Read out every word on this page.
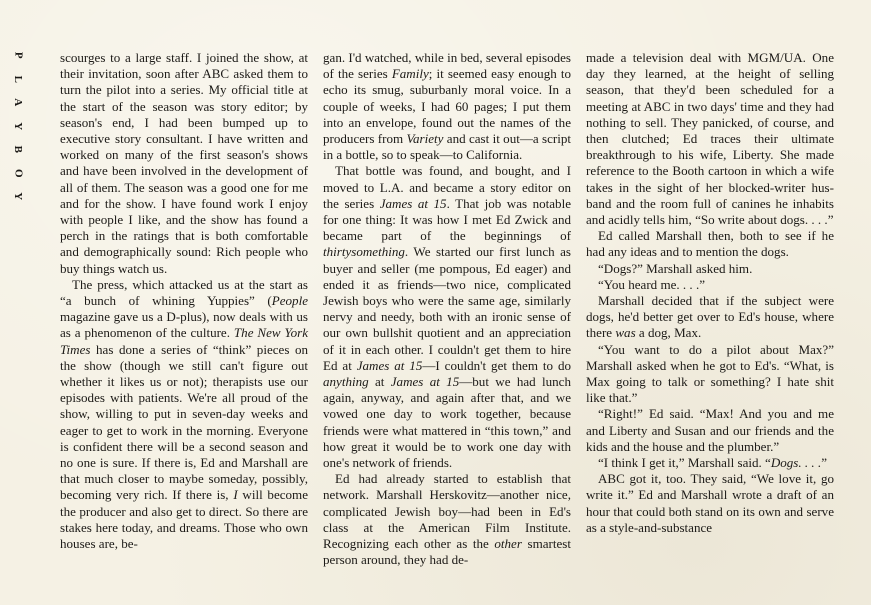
P
L
A
Y
B
O
Y

scourges to a large staff. I joined the show, at their invitation, soon after ABC asked them to turn the pilot into a series. My official title at the start of the season was story editor; by season's end, I had been bumped up to executive story consultant. I have written and worked on many of the first season's shows and have been involved in the development of all of them. The season was a good one for me and for the show. I have found work I enjoy with people I like, and the show has found a perch in the ratings that is both comfortable and demographically sound: Rich people who buy things watch us.

The press, which attacked us at the start as “a bunch of whining Yuppies” (People magazine gave us a D-plus), now deals with us as a phenomenon of the culture. The New York Times has done a series of “think” pieces on the show (though we still can't figure out whether it likes us or not); therapists use our episodes with patients. We're all proud of the show, willing to put in seven-day weeks and eager to get to work in the morning. Everyone is confident there will be a second season and no one is sure. If there is, Ed and Marshall are that much closer to maybe someday, possibly, becoming very rich. If there is, I will become the producer and also get to direct. So there are stakes here today, and dreams. Those who own houses are, be-

gan. I'd watched, while in bed, several episodes of the series Family; it seemed easy enough to echo its smug, suburbanly moral voice. In a couple of weeks, I had 60 pages; I put them into an envelope, found out the names of the producers from Variety and cast it out—a script in a bottle, so to speak—to California.

That bottle was found, and bought, and I moved to L.A. and became a story editor on the series James at 15. That job was notable for one thing: It was how I met Ed Zwick and became part of the beginnings of thirtysomething. We started our first lunch as buyer and seller (me pompous, Ed eager) and ended it as friends—two nice, complicated Jewish boys who were the same age, similarly nervy and needy, both with an ironic sense of our own bullshit quotient and an appreciation of it in each other. I couldn't get them to hire Ed at James at 15—I couldn't get them to do anything at James at 15—but we had lunch again, anyway, and again after that, and we vowed one day to work together, because friends were what mattered in “this town,” and how great it would be to work one day with one's network of friends.

Ed had already started to establish that network. Marshall Herskovitz—another nice, complicated Jewish boy—had been in Ed's class at the American Film Institute. Recognizing each other as the other smartest person around, they had de-

made a television deal with MGM/UA. One day they learned, at the height of selling season, that they'd been scheduled for a meeting at ABC in two days' time and they had nothing to sell. They panicked, of course, and then clutched; Ed traces their ultimate breakthrough to his wife, Liberty. She made reference to the Booth cartoon in which a wife takes in the sight of her blocked-writer husband and the room full of canines he inhabits and acidly tells him, “So write about dogs. . . .”

Ed called Marshall then, both to see if he had any ideas and to mention the dogs.

“Dogs?” Marshall asked him.

“You heard me. . . .”

Marshall decided that if the subject were dogs, he'd better get over to Ed's house, where there was a dog, Max.

“You want to do a pilot about Max?” Marshall asked when he got to Ed's. “What, is Max going to talk or something? I hate shit like that.”

“Right!” Ed said. “Max! And you and me and Liberty and Susan and our friends and the kids and the house and the plumber.”

“I think I get it,” Marshall said. “Dogs. . . .”

ABC got it, too. They said, “We love it, go write it.” Ed and Marshall wrote a draft of an hour that could both stand on its own and serve as a style-and-substance
